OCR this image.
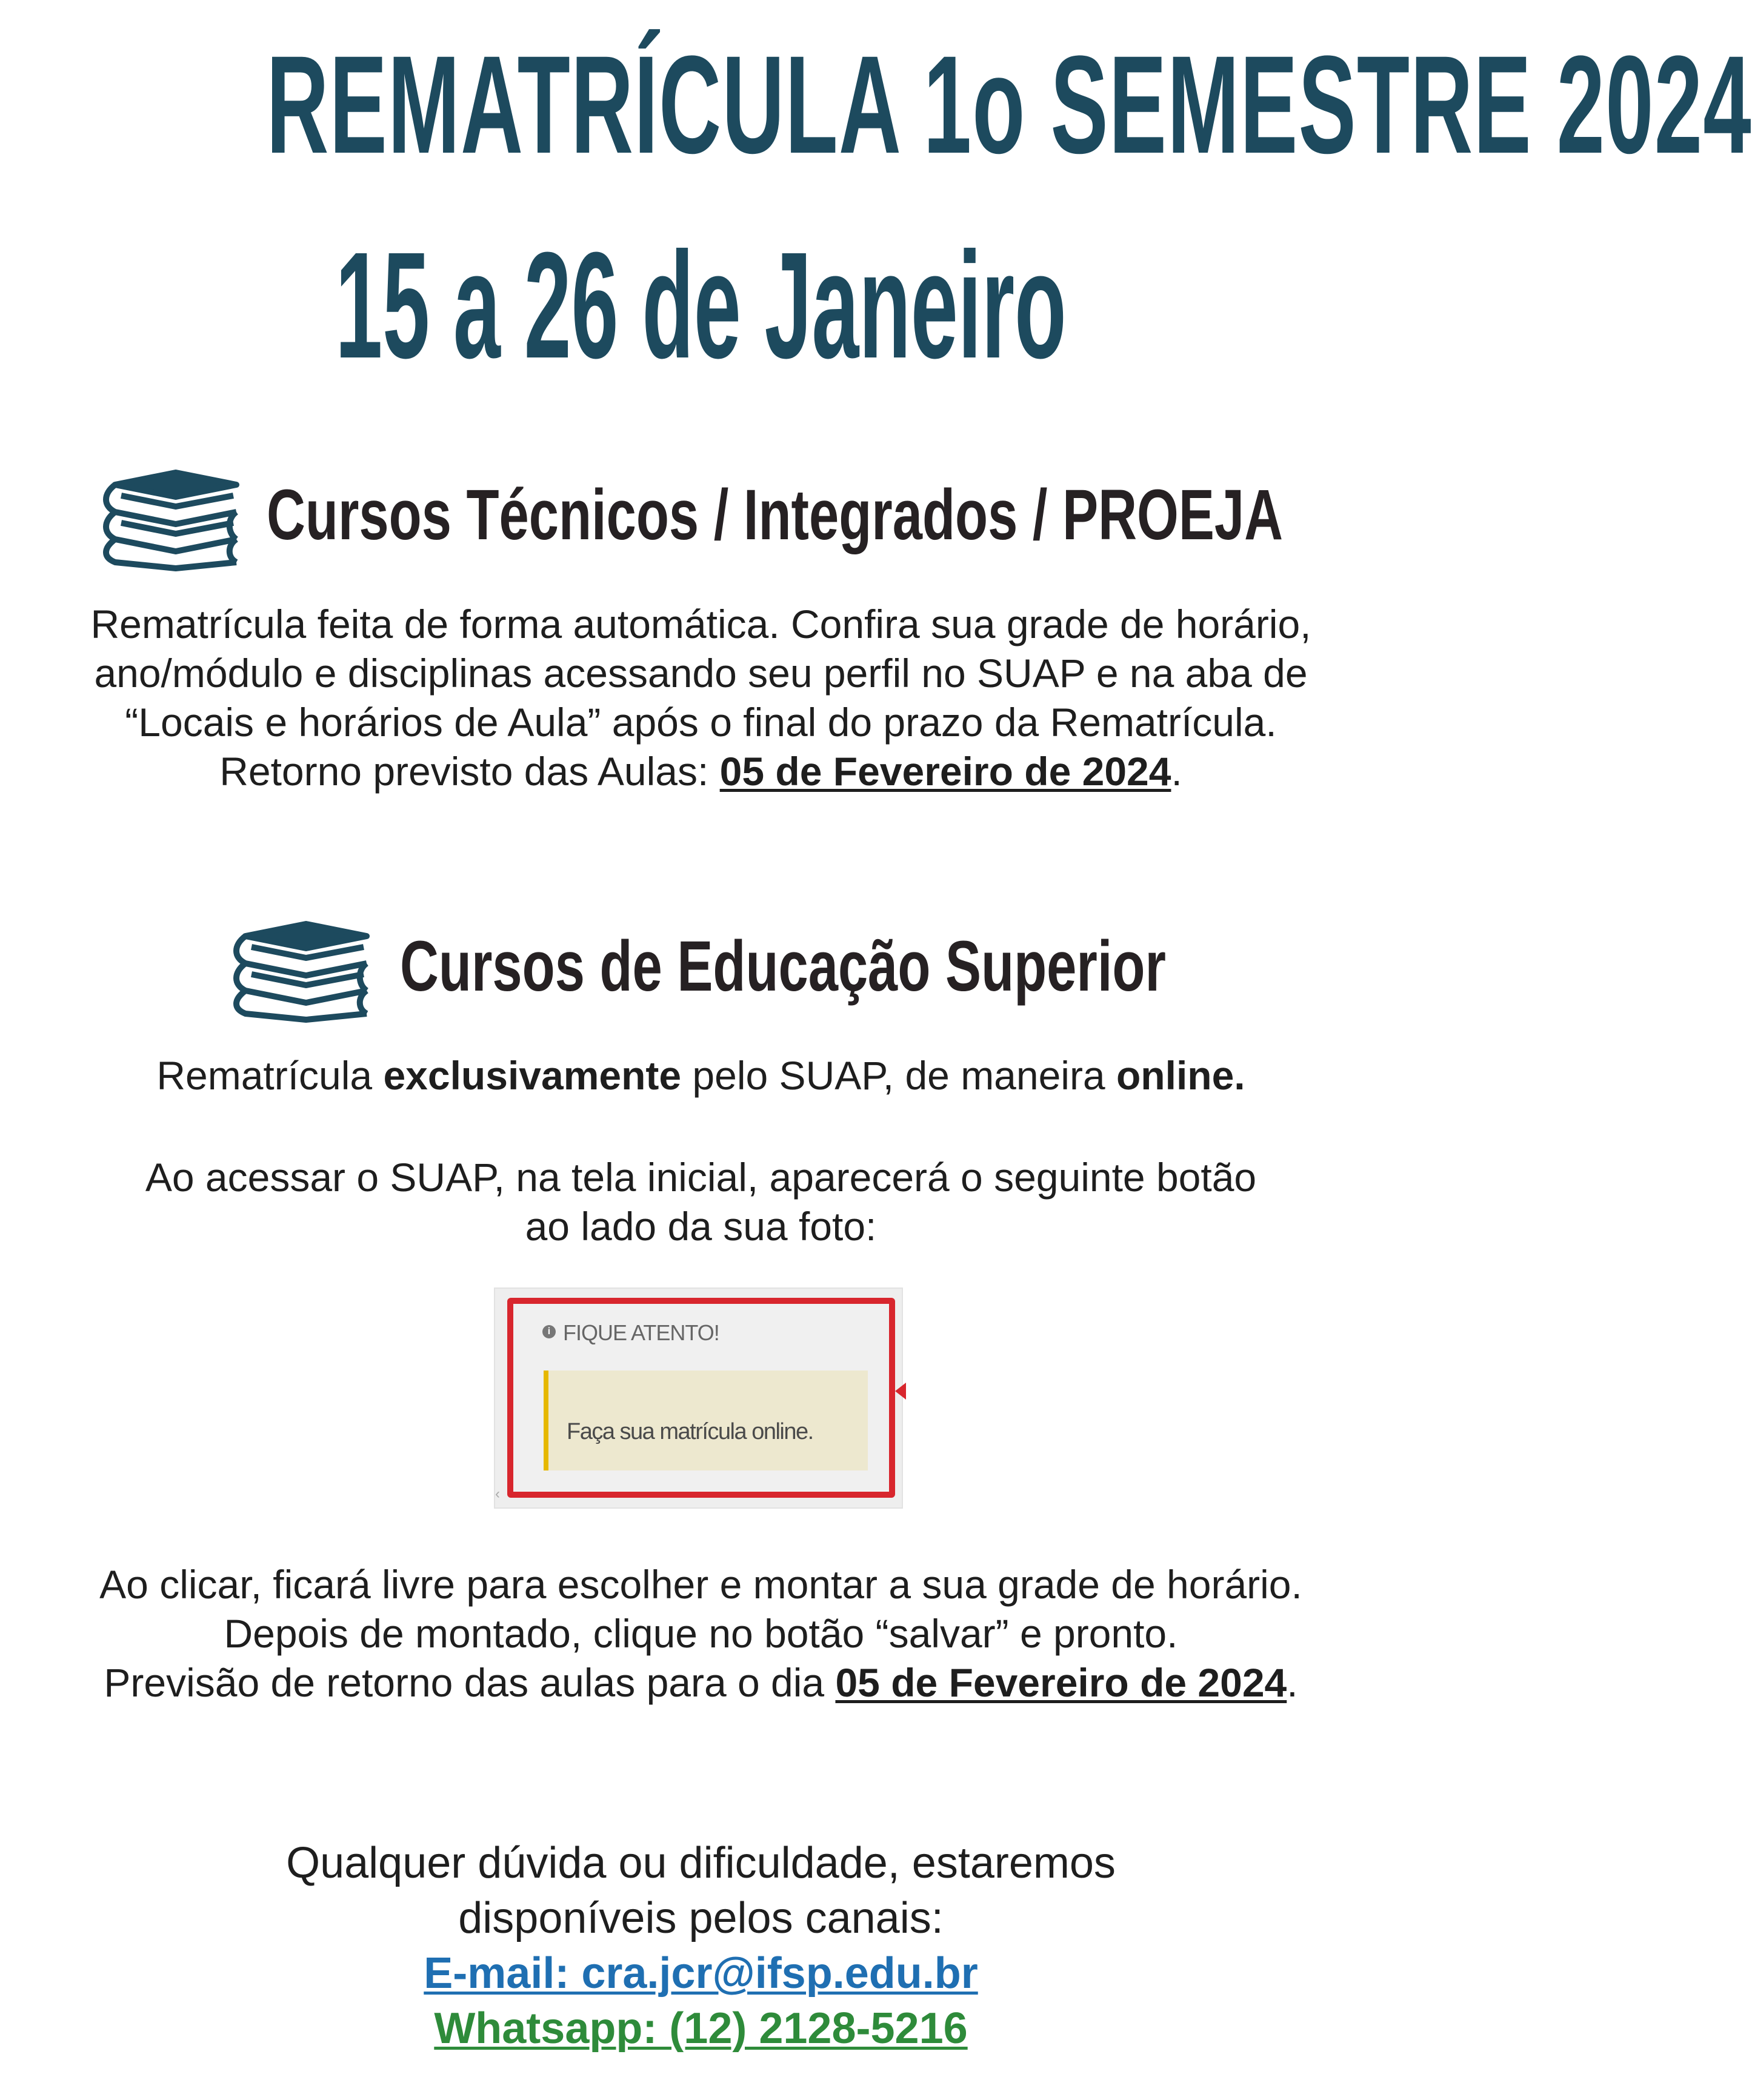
REMATRÍCULA 1o SEMESTRE 2024
15 a 26 de Janeiro
Cursos Técnicos / Integrados / PROEJA

Rematrícula feita de forma automática. Confira sua grade de horário,
ano/módulo e disciplinas acessando seu perfil no SUAP e na aba de
“Locais e horários de Aula” após o final do prazo da Rematrícula.
Retorno previsto das Aulas: 05 de Fevereiro de 2024.

Cursos de Educação Superior

Rematrícula exclusivamente pelo SUAP, de maneira online.

Ao acessar o SUAP, na tela inicial, aparecerá o seguinte botão
ao lado da sua foto:

i FIQUE ATENTO!
Faça sua matrícula online.
‹

Ao clicar, ficará livre para escolher e montar a sua grade de horário.
Depois de montado, clique no botão “salvar” e pronto.
Previsão de retorno das aulas para o dia 05 de Fevereiro de 2024.

Qualquer dúvida ou dificuldade, estaremos
disponíveis pelos canais:
E-mail: cra.jcr@ifsp.edu.br
Whatsapp: (12) 2128-5216
